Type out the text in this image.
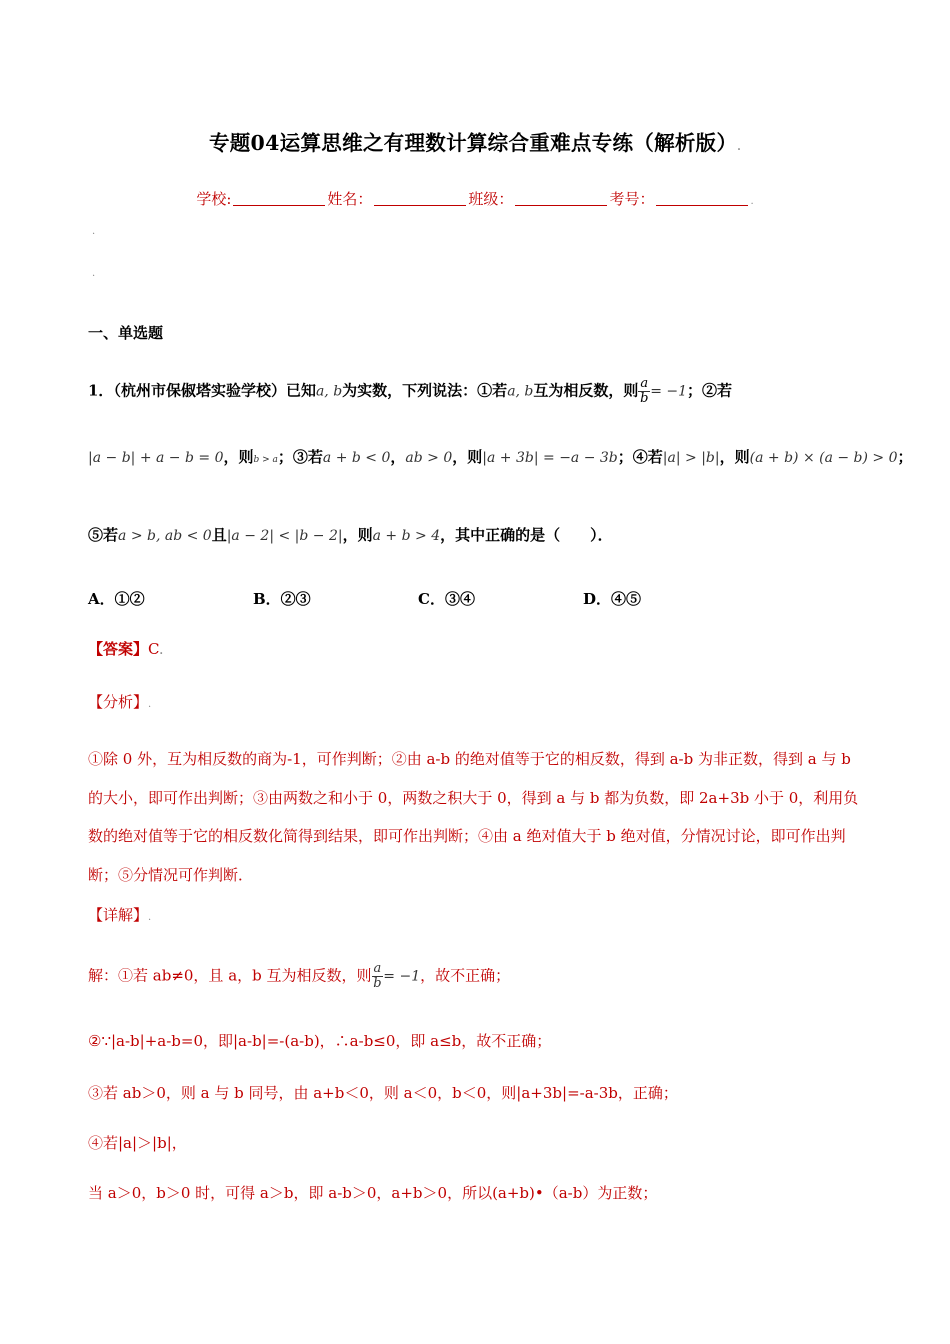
专题04运算思维之有理数计算综合重难点专练（解析版）.
学校:	姓名：	班级：	考号：	.
.
.
一、单选题
1．（杭州市保俶塔实验学校）已知a, b为实数，下列说法：①若a, b互为相反数，则 $\frac{a}{b} = -1$；②若
|a − b| + a − b = 0，则b > a；③若a + b < 0，ab > 0，则|a + 3b| = −a − 3b；④若|a| > |b|，则(a + b) × (a − b) > 0；
⑤若a > b, ab < 0且|a − 2| < |b − 2|，则a + b > 4，其中正确的是（　　）．
A．①②	B．②③	C．③④	D．④⑤
【答案】C.
【分析】.
①除 0 外，互为相反数的商为-1，可作判断；②由 a-b 的绝对值等于它的相反数，得到 a-b 为非正数，得到 a 与 b 的大小，即可作出判断；③由两数之和小于 0，两数之积大于 0，得到 a 与 b 都为负数，即 2a+3b 小于 0，利用负数的绝对值等于它的相反数化简得到结果，即可作出判断；④由 a 绝对值大于 b 绝对值，分情况讨论，即可作出判断；⑤分情况可作判断．
【详解】.
解：①若 ab≠0，且 a，b 互为相反数，则 $\frac{a}{b} = -1$，故不正确；
②∵|a-b|+a-b=0，即|a-b|=-(a-b)，∴a-b≤0，即 a≤b，故不正确；
③若 ab＞0，则 a 与 b 同号，由 a+b＜0，则 a＜0，b＜0，则|a+3b|=-a-3b，正确；
④若|a|＞|b|，
当 a＞0，b＞0 时，可得 a＞b，即 a-b＞0，a+b＞0，所以(a+b)•（a-b）为正数；
